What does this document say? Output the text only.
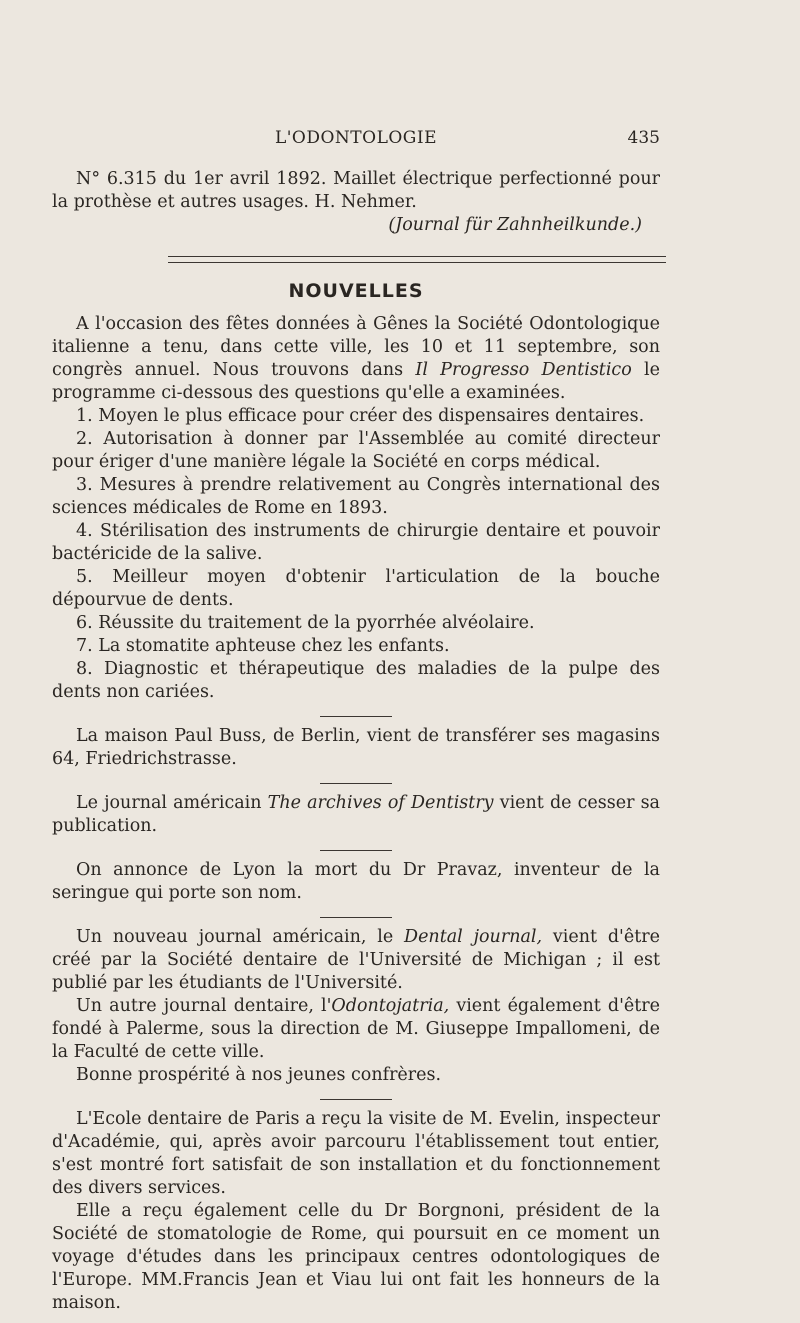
L'ODONTOLOGIE	435

N° 6.315 du 1er avril 1892. Maillet électrique perfectionné pour la prothèse et autres usages. H. Nehmer.

(Journal für Zahnheilkunde.)

NOUVELLES

A l'occasion des fêtes données à Gênes la Société Odontologique italienne a tenu, dans cette ville, les 10 et 11 septembre, son congrès annuel. Nous trouvons dans Il Progresso Dentistico le programme ci-dessous des questions qu'elle a examinées.

1. Moyen le plus efficace pour créer des dispensaires dentaires.

2. Autorisation à donner par l'Assemblée au comité directeur pour ériger d'une manière légale la Société en corps médical.

3. Mesures à prendre relativement au Congrès international des sciences médicales de Rome en 1893.

4. Stérilisation des instruments de chirurgie dentaire et pouvoir bactéricide de la salive.

5. Meilleur moyen d'obtenir l'articulation de la bouche dépourvue de dents.

6. Réussite du traitement de la pyorrhée alvéolaire.

7. La stomatite aphteuse chez les enfants.

8. Diagnostic et thérapeutique des maladies de la pulpe des dents non cariées.

La maison Paul Buss, de Berlin, vient de transférer ses magasins 64, Friedrichstrasse.

Le journal américain The archives of Dentistry vient de cesser sa publication.

On annonce de Lyon la mort du Dr Pravaz, inventeur de la seringue qui porte son nom.

Un nouveau journal américain, le Dental journal, vient d'être créé par la Société dentaire de l'Université de Michigan ; il est publié par les étudiants de l'Université.

Un autre journal dentaire, l'Odontojatria, vient également d'être fondé à Palerme, sous la direction de M. Giuseppe Impallomeni, de la Faculté de cette ville.

Bonne prospérité à nos jeunes confrères.

L'Ecole dentaire de Paris a reçu la visite de M. Evelin, inspecteur d'Académie, qui, après avoir parcouru l'établissement tout entier, s'est montré fort satisfait de son installation et du fonctionnement des divers services.

Elle a reçu également celle du Dr Borgnoni, président de la Société de stomatologie de Rome, qui poursuit en ce moment un voyage d'études dans les principaux centres odontologiques de l'Europe. MM.Francis Jean et Viau lui ont fait les honneurs de la maison.
